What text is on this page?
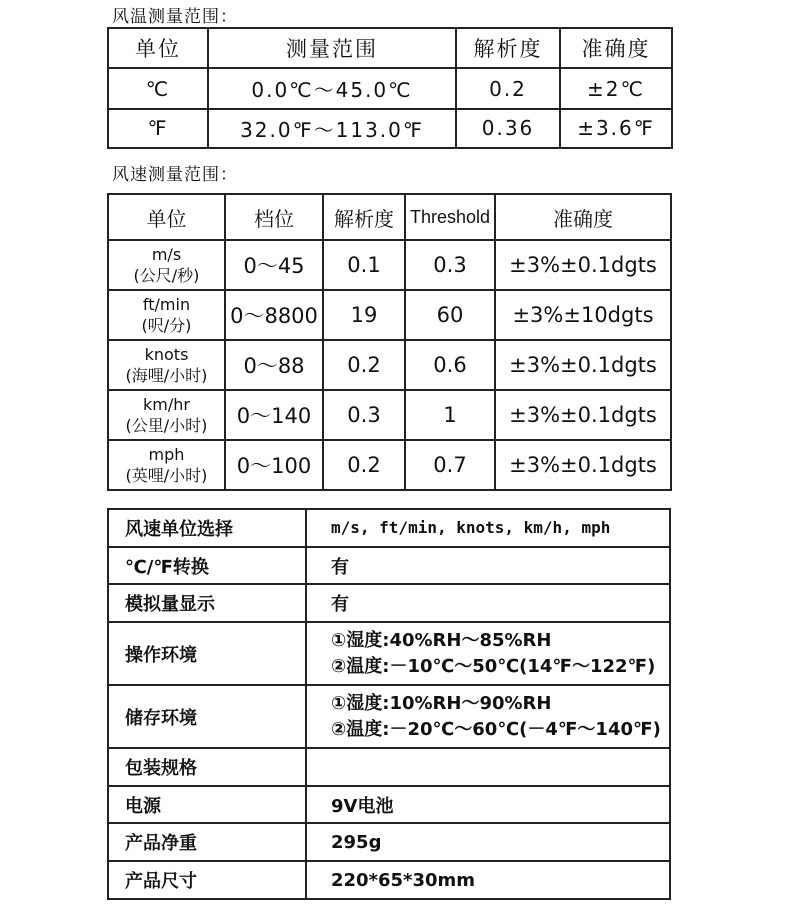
风温测量范围：
单位	测量范围	解析度	准确度
℃	0.0℃～45.0℃	0.2	±2℃
℉	32.0℉～113.0℉	0.36	±3.6℉
风速测量范围：
单位	档位	解析度	Threshold	准确度
m/s
(公尺/秒)	0～45	0.1	0.3	±3%±0.1dgts
ft/min
(呎/分)	0～8800	19	60	±3%±10dgts
knots
(海哩/小时)	0～88	0.2	0.6	±3%±0.1dgts
km/hr
(公里/小时)	0～140	0.3	1	±3%±0.1dgts
mph
(英哩/小时)	0～100	0.2	0.7	±3%±0.1dgts
风速单位选择	m/s, ft/min, knots, km/h, mph
℃/℉转换	有
模拟量显示	有
操作环境	①湿度:40%RH～85%RH
②温度:－10℃～50℃(14℉～122℉)

储存环境	①湿度:10%RH～90%RH
②温度:－20℃～60℃(－4℉～140℉)

包装规格	
电源	9V电池
产品净重	295g
产品尺寸	220*65*30mm
